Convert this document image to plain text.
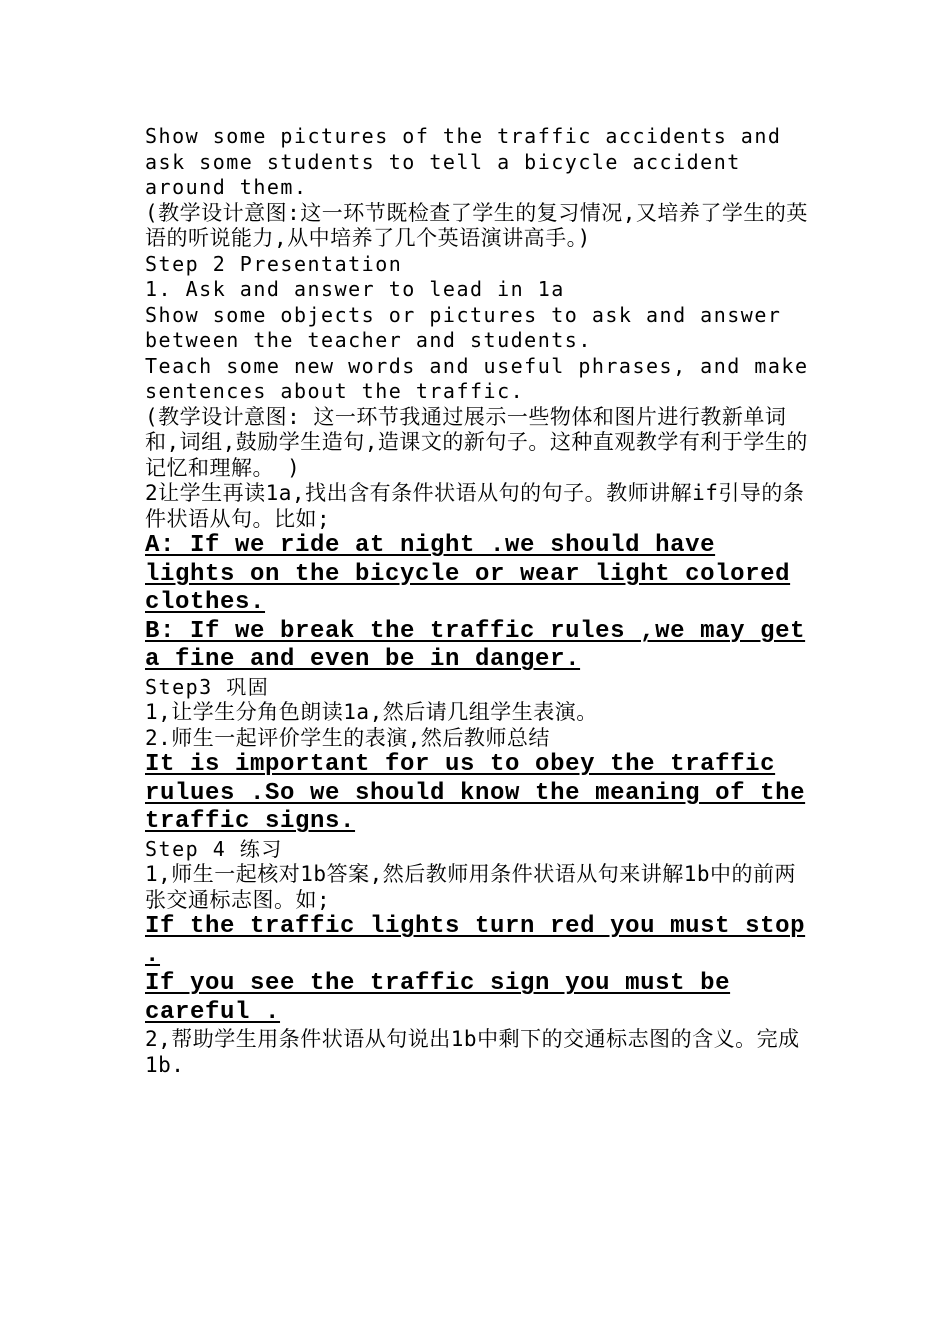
Show some pictures of the traffic accidents and ask some students to tell a bicycle accident around them.

(教学设计意图:这一环节既检查了学生的复习情况,又培养了学生的英语的听说能力,从中培养了几个英语演讲高手。)

Step 2 Presentation

1. Ask and answer to lead in 1a

Show some objects or pictures to ask and answer between the teacher and students.

Teach some new words and useful phrases, and make sentences about the traffic.

(教学设计意图: 这一环节我通过展示一些物体和图片进行教新单词和,词组,鼓励学生造句,造课文的新句子。这种直观教学有利于学生的记忆和理解。 )

2让学生再读1a,找出含有条件状语从句的句子。教师讲解if引导的条件状语从句。比如;

A: If we ride at night .we should have lights on the bicycle or wear light colored clothes.

B: If we break the traffic rules ,we may get a fine and even be in danger.

Step3 巩固

1,让学生分角色朗读1a,然后请几组学生表演。

2.师生一起评价学生的表演,然后教师总结

It is important for us to obey the traffic rulues .So we should know the meaning of the traffic signs.

Step 4 练习

1,师生一起核对1b答案,然后教师用条件状语从句来讲解1b中的前两张交通标志图。如;

If the traffic lights turn red you must stop .

If you see the traffic sign you must be careful .

2,帮助学生用条件状语从句说出1b中剩下的交通标志图的含义。完成1b.
